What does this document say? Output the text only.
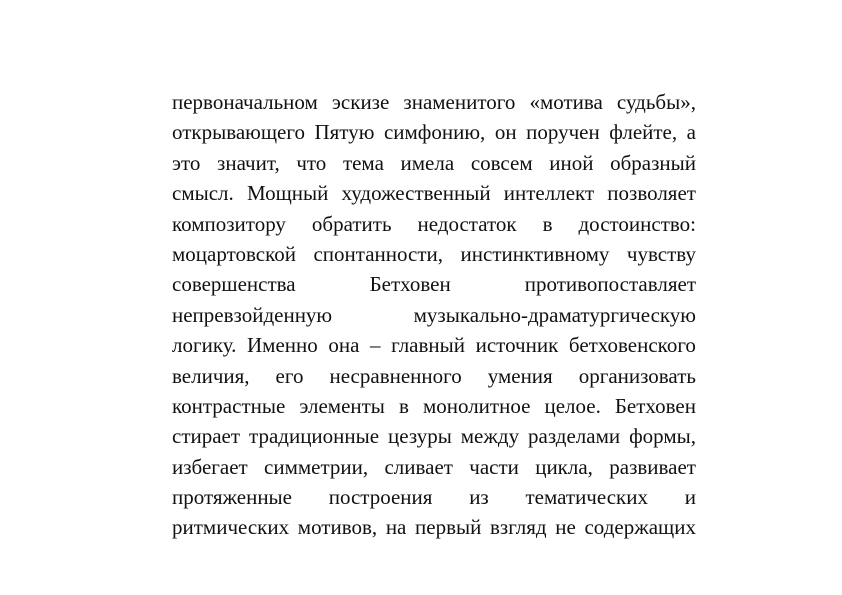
первоначальном эскизе знаменитого «мотива судьбы»,
открывающего Пятую симфонию, он поручен флейте, а
это значит, что тема имела совсем иной образный
смысл. Мощный художественный интеллект позволяет
композитору обратить недостаток в достоинство:
моцартовской спонтанности, инстинктивному чувству
совершенства	Бетховен	противопоставляет
непревзойденную	музыкально-драматургическую
логику. Именно она – главный источник бетховенского
величия, его несравненного умения организовать
контрастные элементы в монолитное целое. Бетховен
стирает традиционные цезуры между разделами формы,
избегает симметрии, сливает части цикла, развивает
протяженные построения из тематических и
ритмических мотивов, на первый взгляд не содержащих
